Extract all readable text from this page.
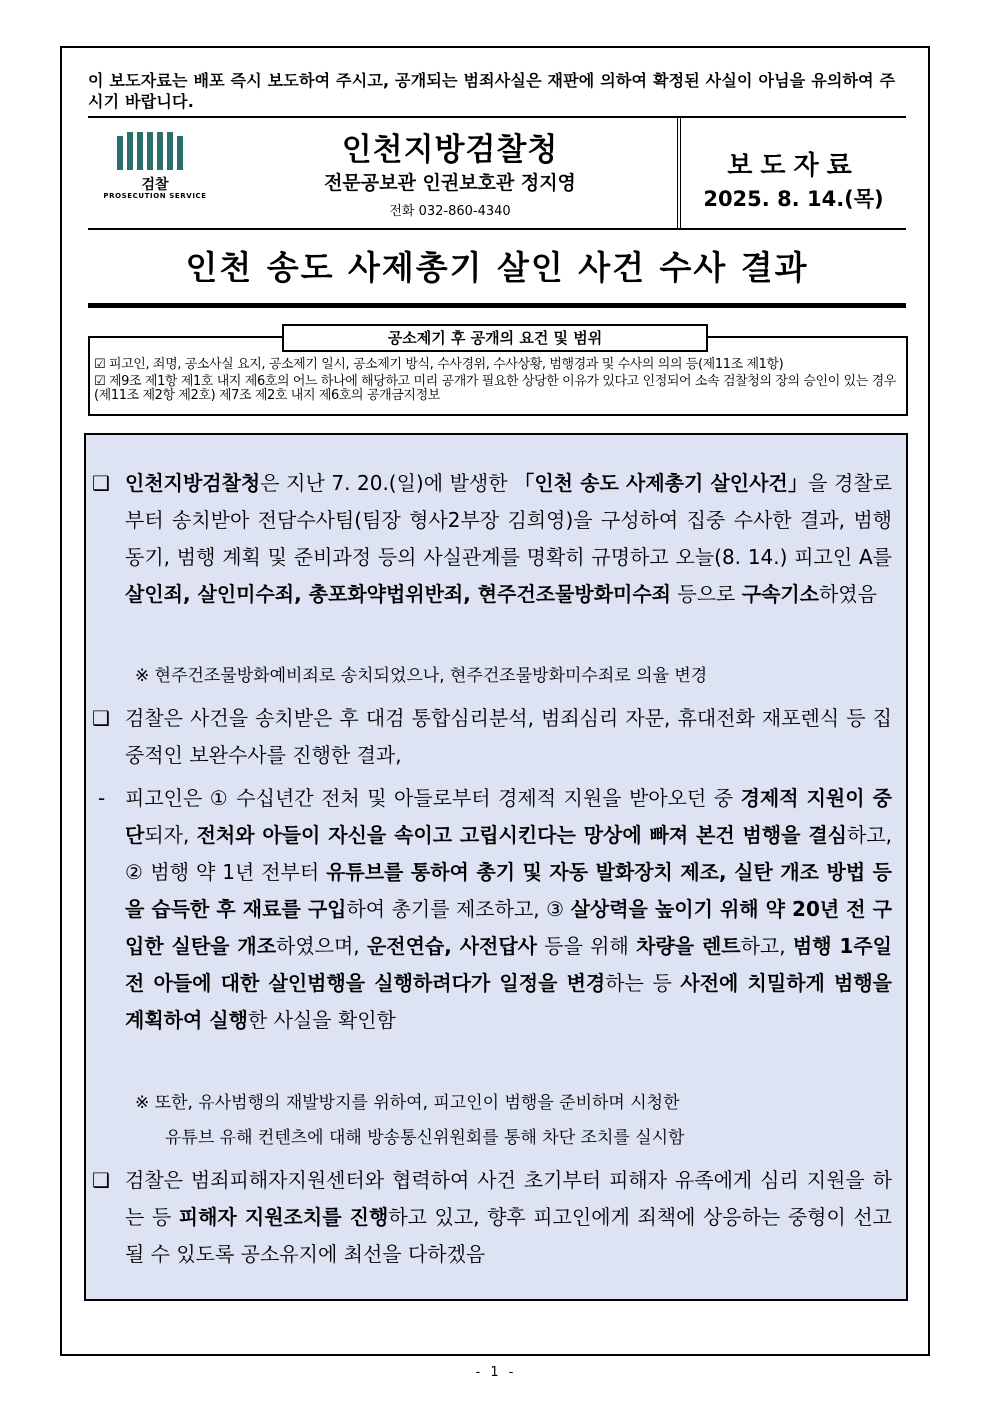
이 보도자료는 배포 즉시 보도하여 주시고, 공개되는 범죄사실은 재판에 의하여 확정된 사실이 아님을 유의하여 주시기 바랍니다.
검찰
PROSECUTION SERVICE
인천지방검찰청
전문공보관 인권보호관 정지영
전화 032-860-4340
보도자료
2025. 8. 14.(목)
인천 송도 사제총기 살인 사건 수사 결과
공소제기 후 공개의 요건 및 범위
☑ 피고인, 죄명, 공소사실 요지, 공소제기 일시, 공소제기 방식, 수사경위, 수사상황, 범행경과 및 수사의 의의 등(제11조 제1항)
☑ 제9조 제1항 제1호 내지 제6호의 어느 하나에 해당하고 미리 공개가 필요한 상당한 이유가 있다고 인정되어 소속 검찰청의 장의 승인이 있는 경우(제11조 제2항 제2호) 제7조 제2호 내지 제6호의 공개금지정보
❑ 인천지방검찰청은 지난 7. 20.(일)에 발생한 「인천 송도 사제총기 살인사건」을 경찰로부터 송치받아 전담수사팀(팀장 형사2부장 김희영)을 구성하여 집중 수사한 결과, 범행 동기, 범행 계획 및 준비과정 등의 사실관계를 명확히 규명하고 오늘(8. 14.) 피고인 A를 살인죄, 살인미수죄, 총포화약법위반죄, 현주건조물방화미수죄 등으로 구속기소하였음
※ 현주건조물방화예비죄로 송치되었으나, 현주건조물방화미수죄로 의율 변경
❑ 검찰은 사건을 송치받은 후 대검 통합심리분석, 범죄심리 자문, 휴대전화 재포렌식 등 집중적인 보완수사를 진행한 결과,
- 피고인은 ① 수십년간 전처 및 아들로부터 경제적 지원을 받아오던 중 경제적 지원이 중단되자, 전처와 아들이 자신을 속이고 고립시킨다는 망상에 빠져 본건 범행을 결심하고, ② 범행 약 1년 전부터 유튜브를 통하여 총기 및 자동 발화장치 제조, 실탄 개조 방법 등을 습득한 후 재료를 구입하여 총기를 제조하고, ③ 살상력을 높이기 위해 약 20년 전 구입한 실탄을 개조하였으며, 운전연습, 사전답사 등을 위해 차량을 렌트하고, 범행 1주일 전 아들에 대한 살인범행을 실행하려다가 일정을 변경하는 등 사전에 치밀하게 범행을 계획하여 실행한 사실을 확인함
※ 또한, 유사범행의 재발방지를 위하여, 피고인이 범행을 준비하며 시청한
유튜브 유해 컨텐츠에 대해 방송통신위원회를 통해 차단 조치를 실시함
❑ 검찰은 범죄피해자지원센터와 협력하여 사건 초기부터 피해자 유족에게 심리 지원을 하는 등 피해자 지원조치를 진행하고 있고, 향후 피고인에게 죄책에 상응하는 중형이 선고될 수 있도록 공소유지에 최선을 다하겠음
- 1 -
